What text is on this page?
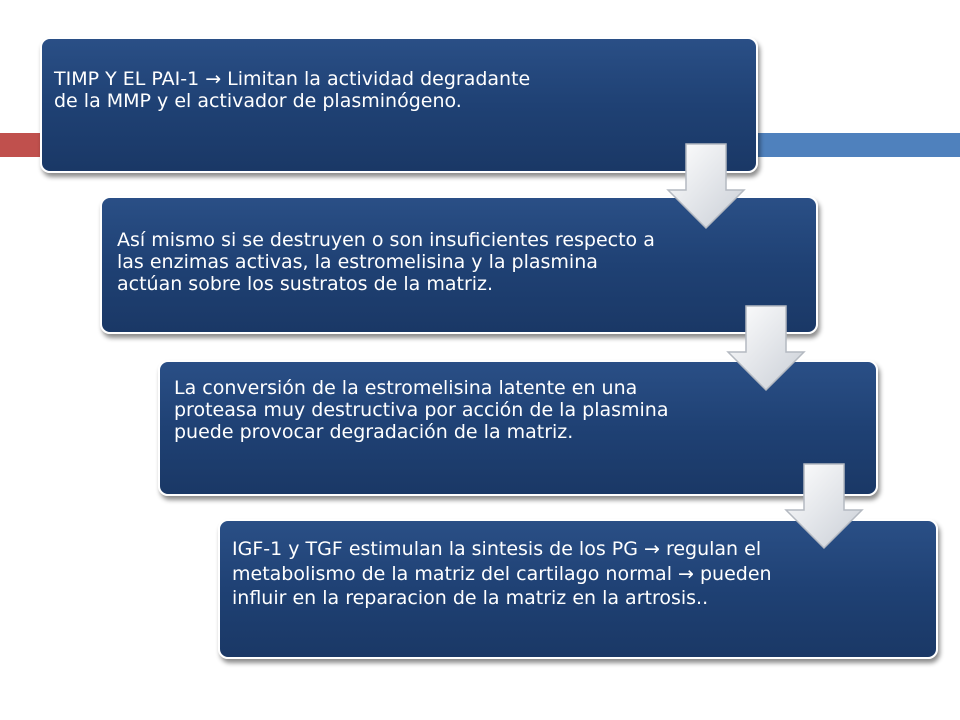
TIMP Y EL PAI-1 → Limitan la actividad degradante de la MMP y el activador de plasminógeno.
Así mismo si se destruyen o son insuficientes respecto a las enzimas activas, la estromelisina y la plasmina actúan sobre los sustratos de la matriz.
La conversión de la estromelisina latente en una proteasa muy destructiva por acción de la plasmina puede provocar degradación de la matriz.
IGF-1 y TGF estimulan la sintesis de los PG → regulan el metabolismo de la matriz del cartilago normal → pueden influir en la reparacion de la matriz en la artrosis..
